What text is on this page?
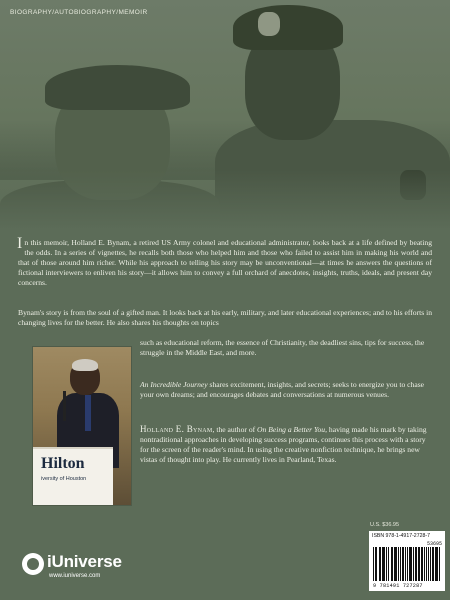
BIOGRAPHY/AUTOBIOGRAPHY/MEMOIR
In this memoir, Holland E. Bynam, a retired US Army colonel and educational administrator, looks back at a life defined by beating the odds. In a series of vignettes, he recalls both those who helped him and those who failed to assist him in making his world and that of those around him richer. While his approach to telling his story may be unconventional—at times he answers the questions of fictional interviewers to enliven his story—it allows him to convey a full orchard of anecdotes, insights, truths, ideals, and present day concerns.
Bynam's story is from the soul of a gifted man. It looks back at his early, military, and later educational experiences; and to his efforts in changing lives for the better. He also shares his thoughts on topics
such as educational reform, the essence of Christianity, the deadliest sins, tips for success, the struggle in the Middle East, and more.
An Incredible Journey shares excitement, insights, and secrets; seeks to energize you to chase your own dreams; and encourages debates and conversations at numerous venues.
Holland E. Bynam, the author of On Being a Better You, having made his mark by taking nontraditional approaches in developing success programs, continues this process with a story for the screen of the reader's mind. In using the creative nonfiction technique, he brings new vistas of thought into play. He currently lives in Pearland, Texas.
Hilton
iversity of Houston
iUniverse
www.iuniverse.com
U.S. $36.95
ISBN 978-1-4917-2728-7
53695
9 781491 727287
